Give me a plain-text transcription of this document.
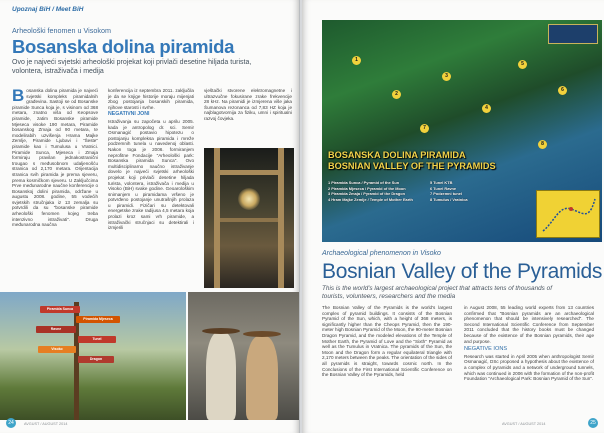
Upoznaj BiH / Meet BiH
Arheološki fenomen u Visokom
Bosanska dolina piramida
Ovo je najveći svjetski arheološki projekat koji privlači desetine hiljada turista, volontera, istraživača i medija
Bosanska dolina piramida je najveći svjetski kompleks piramidalnih građevina. Sastoji se od Bosanske piramide Sunca koja je, s visinom od 368 metara, znatno viša od Keopsove piramide, zatim Bosanske piramide Mjeseca visoke 190 metara, Piramide bosanskog Zmaja od 90 metara, te modelirabih uzvišenja Hrama Majke Zemlje, Piramide Ljubavi i "Šeste" piramide kao i Tumulusa u Vratnici. Piramide Sunca, Mjeseca i Zmaja formiraju pravilan jednakostranični trougao s međusobnom udaljenošću stranica od 2,170 metara. Orijentacija stranica svih piramida je prema sjeveru, prema kosmičkom sjeveru. U Zaključcima Prve međunarodne naučne konferencije o Bosanskoj dolini piramida, održane u augustu 2008. godine, 55 vodećih svjetskih stručnjaka iz 13 zemalja su potvrdili da su "bosanske piramide arheološki fenomen kojeg treba intenzivno istraživati". Druga međunarodna naučna
konferencija iz septembra 2011. zaključila je da se knjige historije moraju mijenjati zbog postojanja bosanskih piramida, njihove starosti i svrhe.
NEGATIVNI JONI
Istraživanja su započeta u aprilu 2005. kada je antropolog dr. sci. Semir Osmanagić postavio hipotezu o postojanju kompleksa piramida i mreže podzemnih tunela u navedenoj oblasti. Nakon toga je 2006. formiranjem neprofitne Fondacije "Arheološki park: Bosanska piramida Sunca". Ovo multidisciplinarno naučno istraživanje dovelo je najveći svjetski arheološki projekat koji privlači desetine hiljada turista, volontera, istraživača i medija u Visoko (BiH) svake godine. Geoarološkim snimanjem u piramidama vršeno je potvrđeno postojanje unutrašnjih prolaza u piramidi. Fizičari su detektovali energetske zrake radijusa 4,5 metara koja prolazi kroz sami vrh piramide, a istraživački stručnjaci su detektirali i izmjerili
vještački stvorene elektromagnetne i ultrazvučne fokusirane zrake frekvencije 28 kHz. Na piramidi je izmjerena više jaka Šumanova rezonanca od 7,83 HZ koja je najblagotvornija za fiziku, umni i spiritualni razvoj čovjeka.
Piramida Sunca
Piramida Mjeseca
Ravne
Tunel
Visoko
Dragon
24	AVGUST / AUGUST 2014
1
2
3
4
5
6
7
8
BOSANSKA DOLINA PIRAMIDA
BOSNIAN VALLEY OF THE PYRAMIDS
1 Piramida Sunca / Pyramid of the Sun	5 Tunel KTB
2 Piramida Mjeseca / Pyramid of the Moon	6 Tunel Ravne
3 Piramida Zmaja / Pyramid of the Dragon	7 Podzemni tunel
4 Hram Majke Zemlje / Temple of Mother Earth	8 Tumulus / Vratnica
Archaeological phenomenon in Visoko
Bosnian Valley of the Pyramids
This is the world's largest archaeological project that attracts tens of thousands of tourists, volunteers, researchers and the media
The Bosnian Valley of the Pyramids is the world's largest complex of pyramid buildings. It consists of the Bosnian Pyramid of the Sun, which, with a height of 368 meters, is significantly higher than the Cheops Pyramid, then the 190-meter high Bosnian Pyramid of the Moon, the 90-meter Bosnian Dragon Pyramid, and the modeled elevations of the Temple of Mother Earth, the Pyramid of Love and the "Sixth" Pyramid as well as the Tumulus in Vratnica. The pyramids of the Sun, the Moon and the Dragon form a regular equilateral triangle with 2,170 meters between the peaks. The orientation of the sides of all pyramids is straight, towards cosmic north. In the Conclusions of the First International Scientific Conference on the Bosnian Valley of the Pyramids, held
in August 2008, 55 leading world experts from 13 countries confirmed that "Bosnian pyramids are an archaeological phenomenon that should be intensively researched". The Second International Scientific Conference from September 2011 concluded that the history books must be changed because of the existence of the Bosnian pyramids, their age and purpose.
NEGATIVE IONS
Research was started in April 2005 when anthropologist Semir Osmanagić, DSc proposed a hypothesis about the existence of a complex of pyramids and a network of underground tunnels, which was continued in 2006 with the formation of the non-profit Foundation "Archaeological Park: Bosnian Pyramid of the Sun".
AVGUST / AUGUST 2014	25
